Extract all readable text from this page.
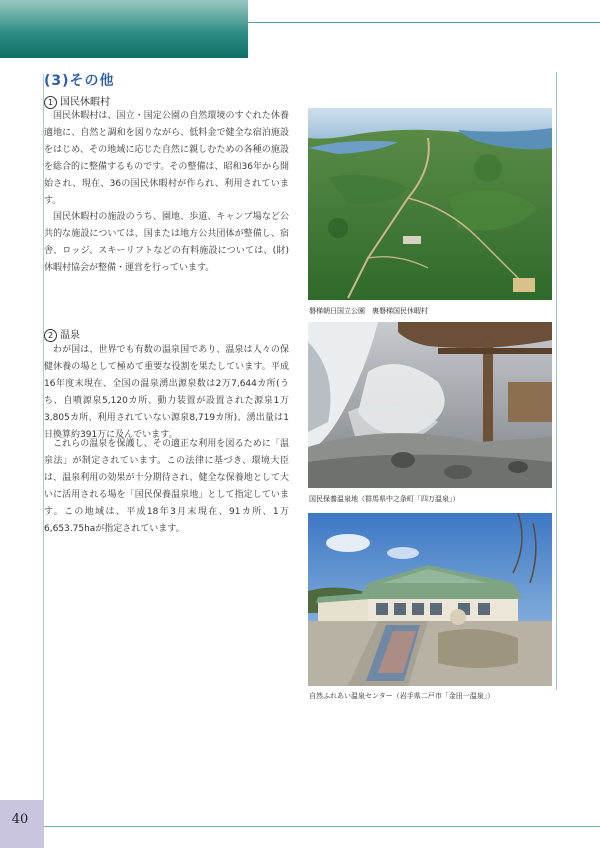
40
(3)その他
1 国民休暇村

国民休暇村は、国立・国定公園の自然環境のすぐれた休養適地に、自然と調和を図りながら、低料金で健全な宿泊施設をはじめ、その地域に応じた自然に親しむための各種の施設を総合的に整備するものです。その整備は、昭和36年から開始され、現在、36の国民休暇村が作られ、利用されています。

国民休暇村の施設のうち、園地、歩道、キャンプ場など公共的な施設については、国または地方公共団体が整備し、宿舎、ロッジ、スキーリフトなどの有料施設については、(財)休暇村協会が整備・運営を行っています。

2 温泉

わが国は、世界でも有数の温泉国であり、温泉は人々の保健休養の場として極めて重要な役割を果たしています。平成16年度末現在、全国の温泉湧出源泉数は2万7,644カ所(うち、自噴源泉5,120カ所、動力装置が設置された源泉1万3,805カ所、利用されていない源泉8,719カ所)、湧出量は1日換算約391万に及んでいます。

これらの温泉を保護し、その適正な利用を図るために「温泉法」が制定されています。この法律に基づき、環境大臣は、温泉利用の効果が十分期待され、健全な保養地として大いに活用される場を「国民保養温泉地」として指定しています。この地域は、平成18年3月末現在、91カ所、1万6,653.75haが指定されています。

磐梯朝日国立公園　裏磐梯国民休暇村
国民保養温泉地（群馬県中之条町「四万温泉」）
自然ふれあい温泉センター（岩手県二戸市「金田一温泉」）
